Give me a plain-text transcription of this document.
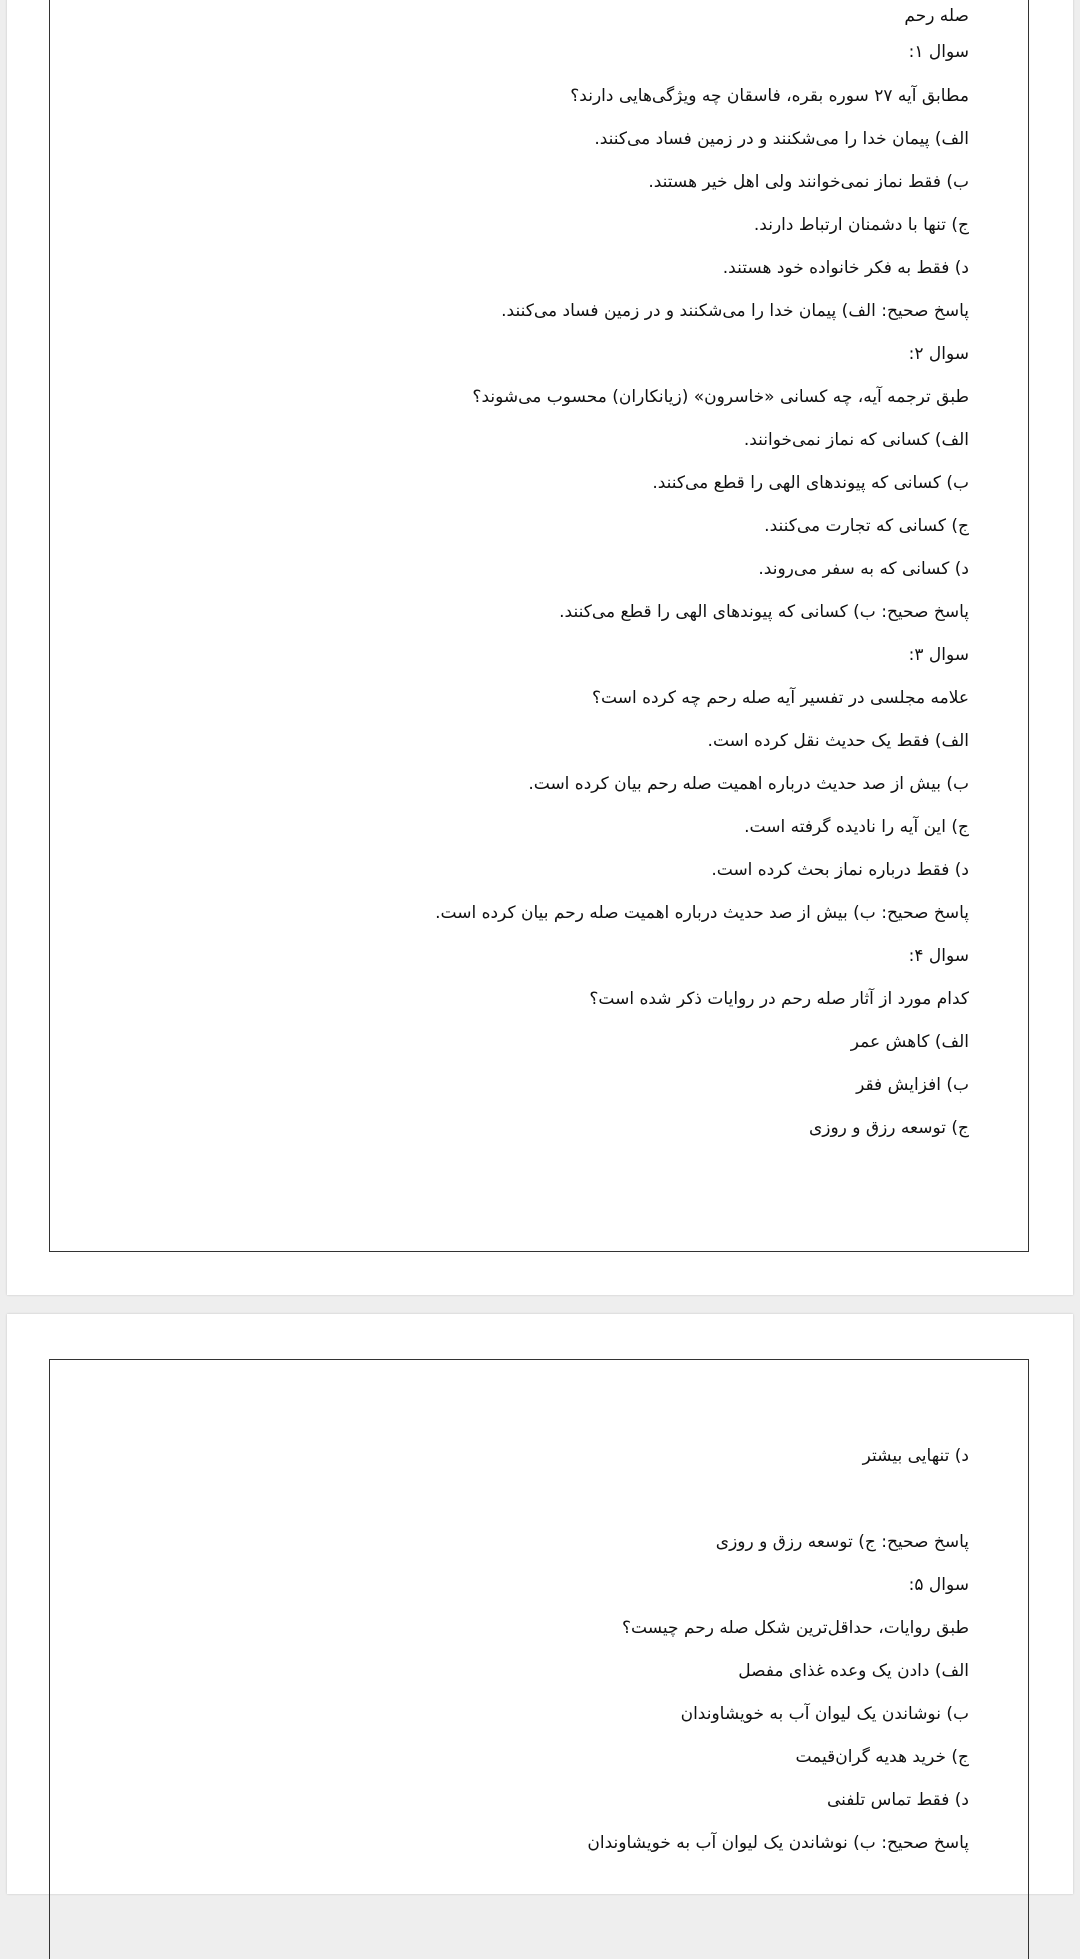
صله رحم
سوال ۱:
مطابق آیه ۲۷ سوره بقره، فاسقان چه ویژگی‌هایی دارند؟
الف) پیمان خدا را می‌شکنند و در زمین فساد می‌کنند.
ب) فقط نماز نمی‌خوانند ولی اهل خیر هستند.
ج) تنها با دشمنان ارتباط دارند.
د) فقط به فکر خانواده خود هستند.
پاسخ صحیح: الف) پیمان خدا را می‌شکنند و در زمین فساد می‌کنند.
سوال ۲:
طبق ترجمه آیه، چه کسانی «خاسرون» (زیانکاران) محسوب می‌شوند؟
الف) کسانی که نماز نمی‌خوانند.
ب) کسانی که پیوندهای الهی را قطع می‌کنند.
ج) کسانی که تجارت می‌کنند.
د) کسانی که به سفر می‌روند.
پاسخ صحیح: ب) کسانی که پیوندهای الهی را قطع می‌کنند.
سوال ۳:
علامه مجلسی در تفسیر آیه صله رحم چه کرده است؟
الف) فقط یک حدیث نقل کرده است.
ب) بیش از صد حدیث درباره اهمیت صله رحم بیان کرده است.
ج) این آیه را نادیده گرفته است.
د) فقط درباره نماز بحث کرده است.
پاسخ صحیح: ب) بیش از صد حدیث درباره اهمیت صله رحم بیان کرده است.
سوال ۴:
کدام مورد از آثار صله رحم در روایات ذکر شده است؟
الف) کاهش عمر
ب) افزایش فقر
ج) توسعه رزق و روزی
د) تنهایی بیشتر
پاسخ صحیح: ج) توسعه رزق و روزی
سوال ۵:
طبق روایات، حداقل‌ترین شکل صله رحم چیست؟
الف) دادن یک وعده غذای مفصل
ب) نوشاندن یک لیوان آب به خویشاوندان
ج) خرید هدیه گران‌قیمت
د) فقط تماس تلفنی
پاسخ صحیح: ب) نوشاندن یک لیوان آب به خویشاوندان
